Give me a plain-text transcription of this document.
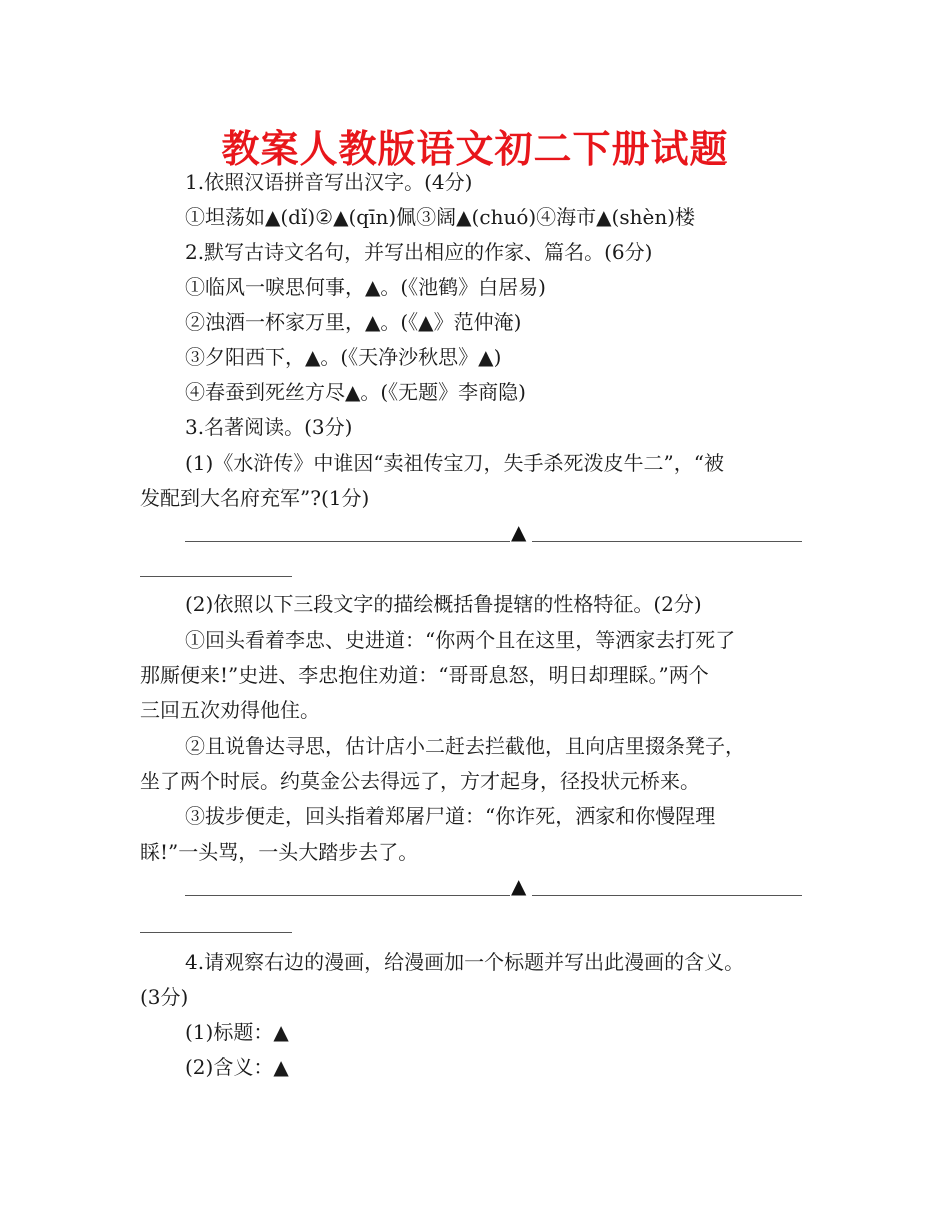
教案人教版语文初二下册试题
1.依照汉语拼音写出汉字。(4分)
①坦荡如▲(dǐ)②▲(qīn)佩③阔▲(chuó)④海市▲(shèn)楼
2.默写古诗文名句，并写出相应的作家、篇名。(6分)
①临风一唳思何事，▲。(《池鹤》白居易)
②浊酒一杯家万里，▲。(《▲》范仲淹)
③夕阳西下，▲。(《天净沙秋思》▲)
④春蚕到死丝方尽▲。(《无题》李商隐)
3.名著阅读。(3分)
(1)《水浒传》中谁因“卖祖传宝刀，失手杀死泼皮牛二”，“被
发配到大名府充军”?(1分)
▲
(2)依照以下三段文字的描绘概括鲁提辖的性格特征。(2分)
①回头看着李忠、史进道：“你两个且在这里，等洒家去打死了
那厮便来!”史进、李忠抱住劝道：“哥哥息怒，明日却理睬。”两个
三回五次劝得他住。
②且说鲁达寻思，估计店小二赶去拦截他，且向店里掇条凳子，
坐了两个时辰。约莫金公去得远了，方才起身，径投状元桥来。
③拔步便走，回头指着郑屠尸道：“你诈死，洒家和你慢陧理
睬!”一头骂，一头大踏步去了。
▲
4.请观察右边的漫画，给漫画加一个标题并写出此漫画的含义。
(3分)
(1)标题：▲
(2)含义：▲
